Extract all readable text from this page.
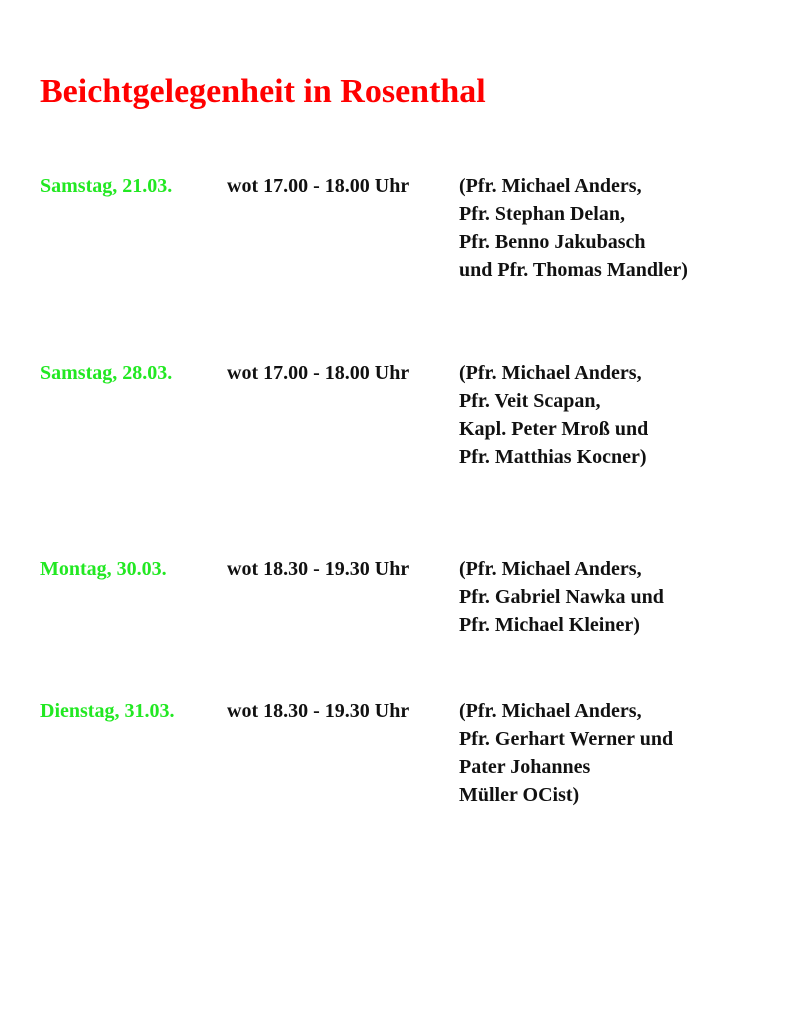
Beichtgelegenheit in Rosenthal
Samstag, 21.03.	wot 17.00 - 18.00 Uhr (Pfr. Michael Anders,
Pfr. Stephan Delan,
Pfr. Benno Jakubasch
und Pfr. Thomas Mandler)
Samstag, 28.03.	wot 17.00 - 18.00 Uhr (Pfr. Michael Anders,
Pfr. Veit Scapan,
Kapl. Peter Mroß und
Pfr. Matthias Kocner)
Montag, 30.03.	wot 18.30 - 19.30 Uhr (Pfr. Michael Anders,
Pfr. Gabriel Nawka und
Pfr. Michael Kleiner)
Dienstag, 31.03.	wot 18.30 - 19.30 Uhr (Pfr. Michael Anders,
Pfr. Gerhart Werner und
Pater Johannes
Müller OCist)
